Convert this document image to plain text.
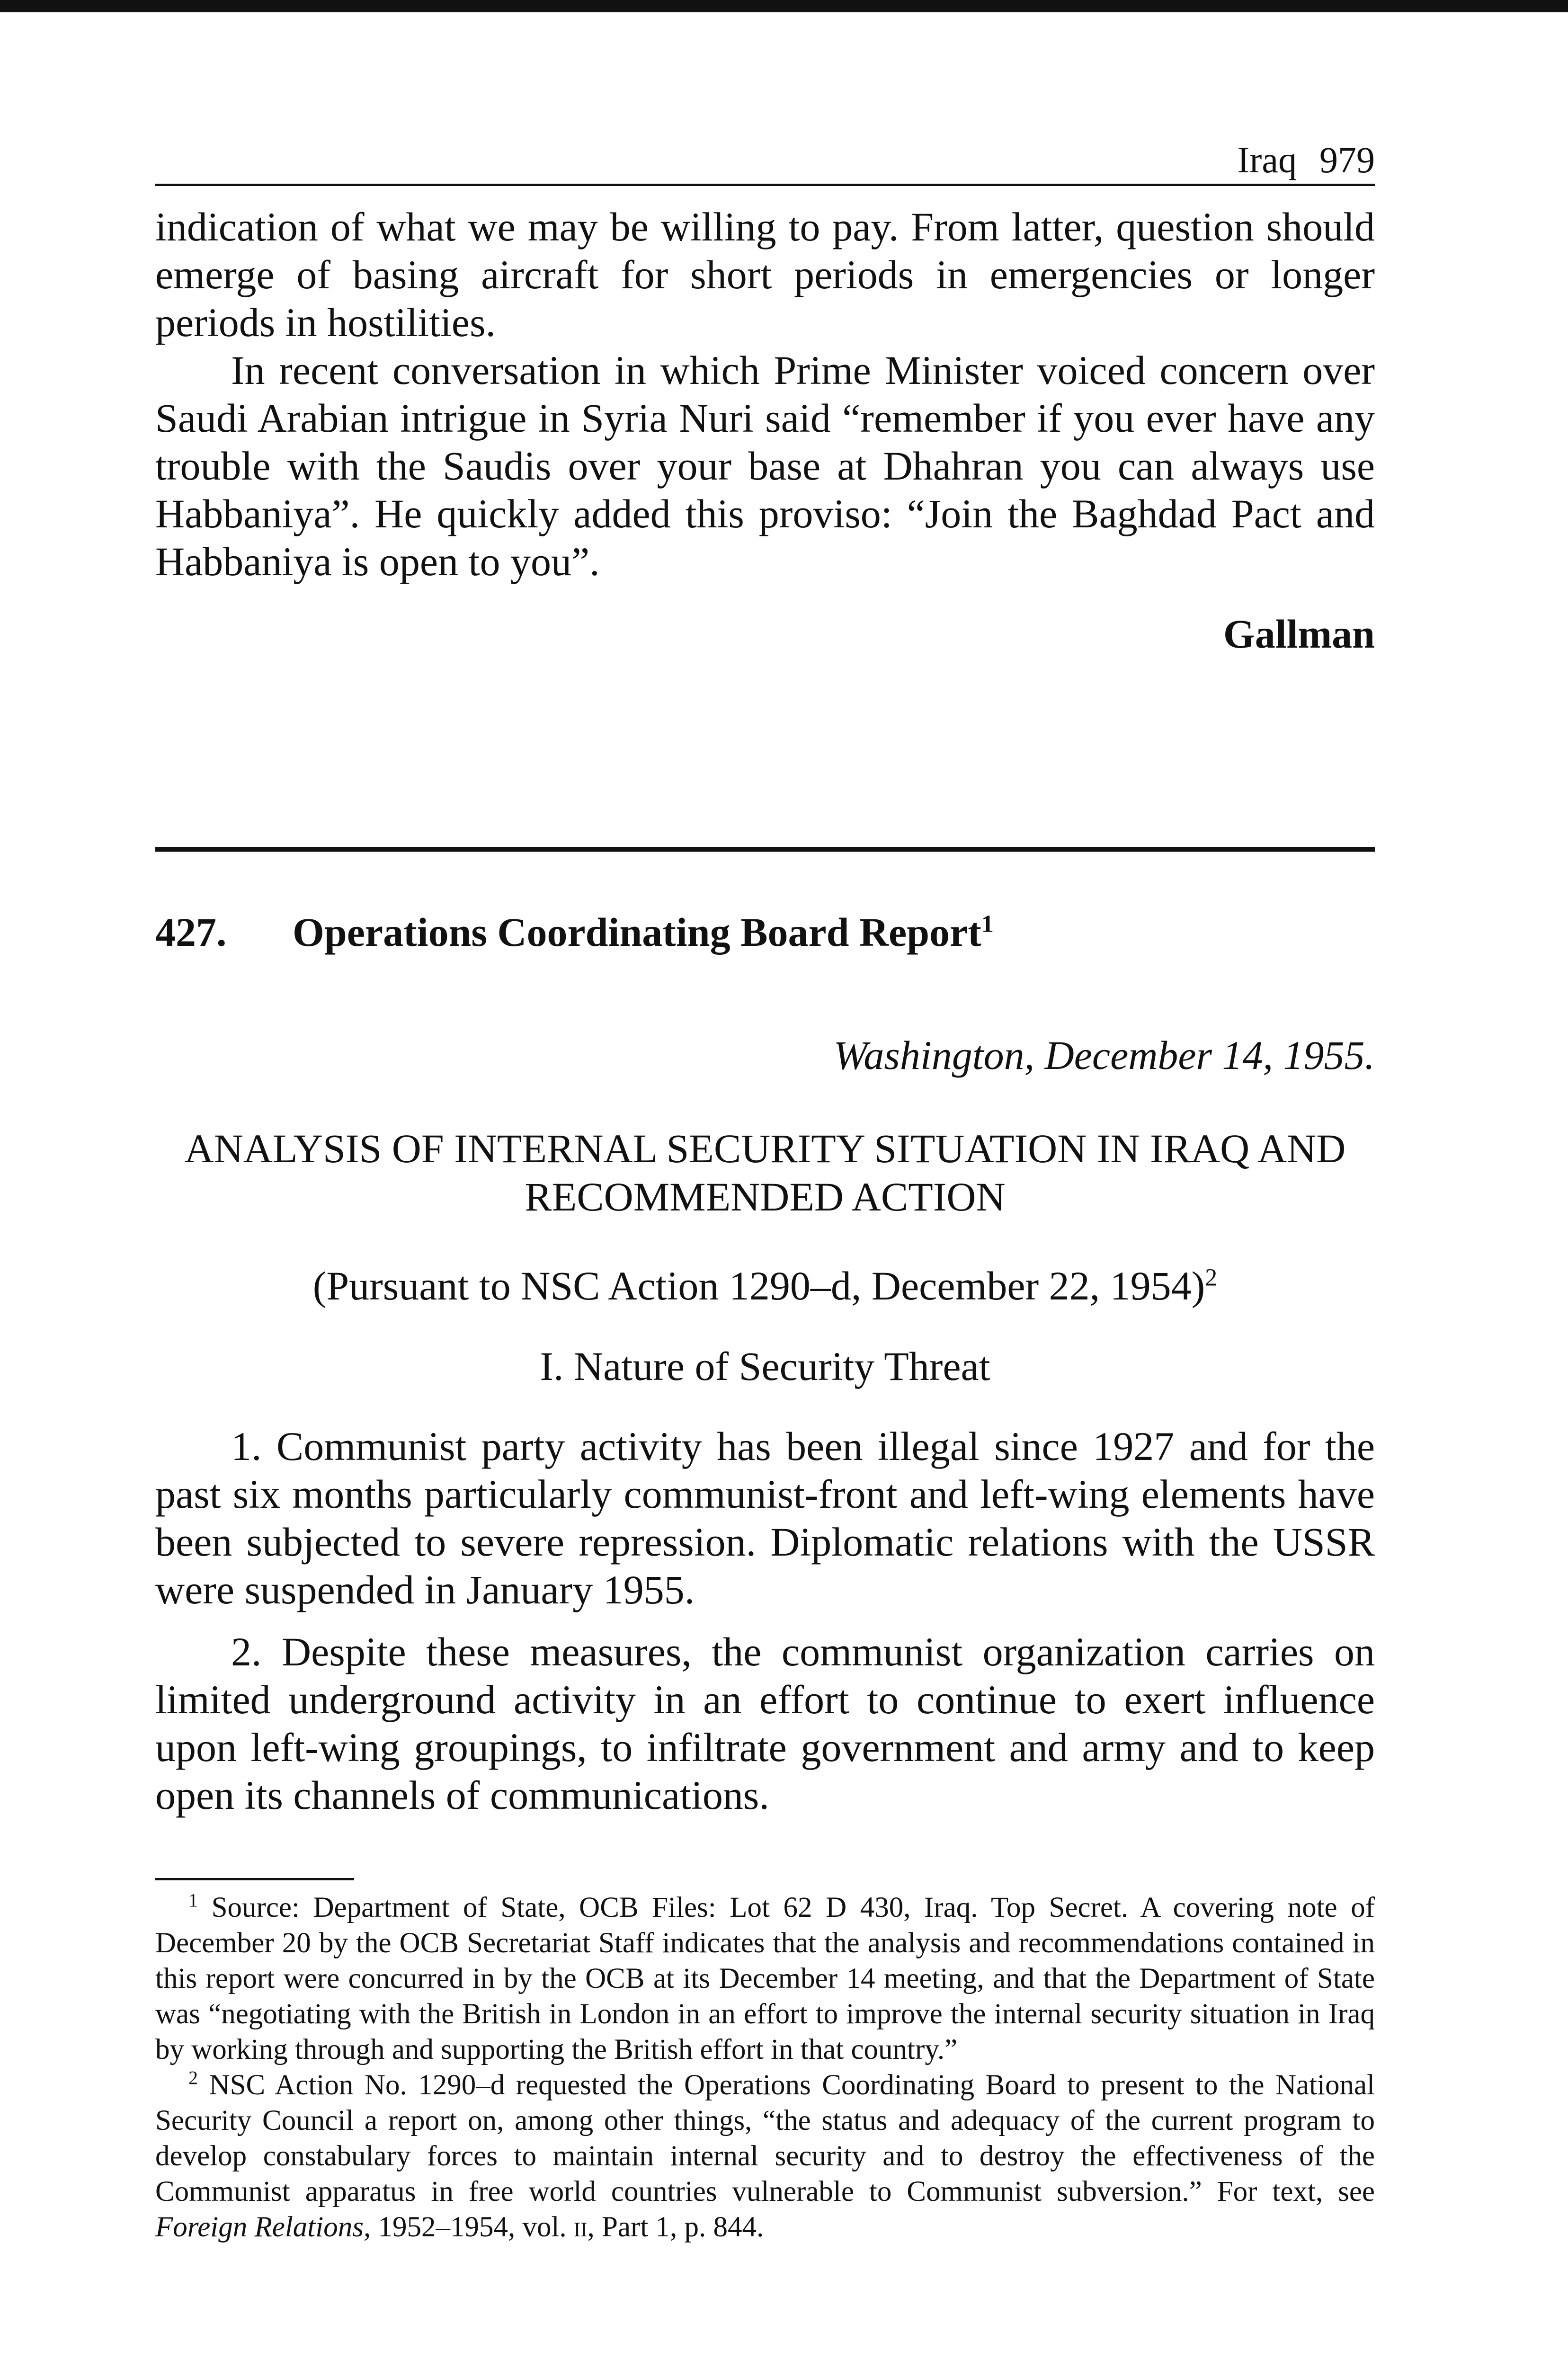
Iraq 979

indication of what we may be willing to pay. From latter, question should emerge of basing aircraft for short periods in emergencies or longer periods in hostilities.

In recent conversation in which Prime Minister voiced concern over Saudi Arabian intrigue in Syria Nuri said “remember if you ever have any trouble with the Saudis over your base at Dhahran you can always use Habbaniya”. He quickly added this proviso: “Join the Baghdad Pact and Habbaniya is open to you”.

Gallman
427.	Operations Coordinating Board Report$^1$
Washington, December 14, 1955.
ANALYSIS OF INTERNAL SECURITY SITUATION IN IRAQ AND RECOMMENDED ACTION
(Pursuant to NSC Action 1290–d, December 22, 1954)$^2$
I. Nature of Security Threat

1. Communist party activity has been illegal since 1927 and for the past six months particularly communist-front and left-wing elements have been subjected to severe repression. Diplomatic relations with the USSR were suspended in January 1955.

2. Despite these measures, the communist organization carries on limited underground activity in an effort to continue to exert influence upon left-wing groupings, to infiltrate government and army and to keep open its channels of communications.

$^1$ Source: Department of State, OCB Files: Lot 62 D 430, Iraq. Top Secret. A covering note of December 20 by the OCB Secretariat Staff indicates that the analysis and recommendations contained in this report were concurred in by the OCB at its December 14 meeting, and that the Department of State was “negotiating with the British in London in an effort to improve the internal security situation in Iraq by working through and supporting the British effort in that country.”

$^2$ NSC Action No. 1290–d requested the Operations Coordinating Board to present to the National Security Council a report on, among other things, “the status and adequacy of the current program to develop constabulary forces to maintain internal security and to destroy the effectiveness of the Communist apparatus in free world countries vulnerable to Communist subversion.” For text, see Foreign Relations, 1952–1954, vol. ii, Part 1, p. 844.
